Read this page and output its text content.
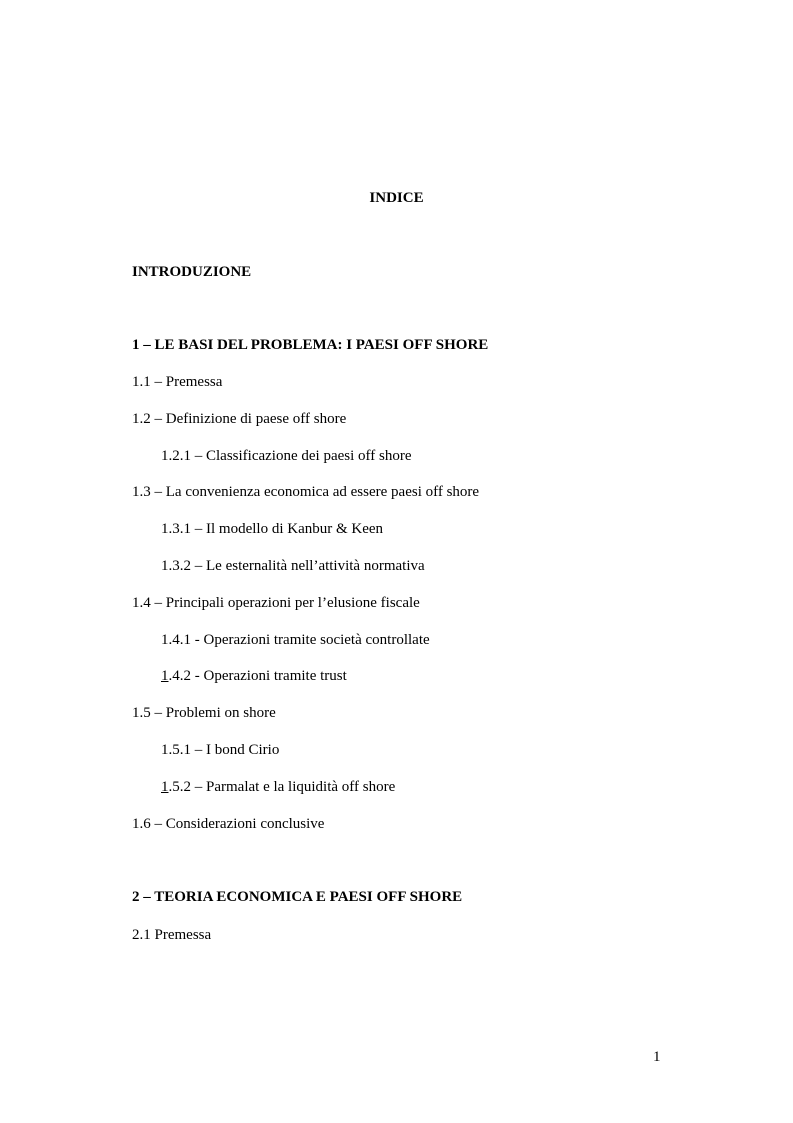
INDICE
INTRODUZIONE
1 – LE BASI DEL PROBLEMA: I PAESI OFF SHORE
1.1 – Premessa
1.2 – Definizione di paese off shore
1.2.1 – Classificazione dei paesi off shore
1.3 – La convenienza economica ad essere paesi off shore
1.3.1 – Il modello di Kanbur & Keen
1.3.2 – Le esternalità nell’attività normativa
1.4 – Principali operazioni per l’elusione fiscale
1.4.1 - Operazioni tramite società controllate
1.4.2 - Operazioni tramite trust
1.5 – Problemi on shore
1.5.1 – I bond Cirio
1.5.2 – Parmalat e la liquidità off shore
1.6 – Considerazioni conclusive
2 – TEORIA ECONOMICA E PAESI OFF SHORE
2.1 Premessa
1
